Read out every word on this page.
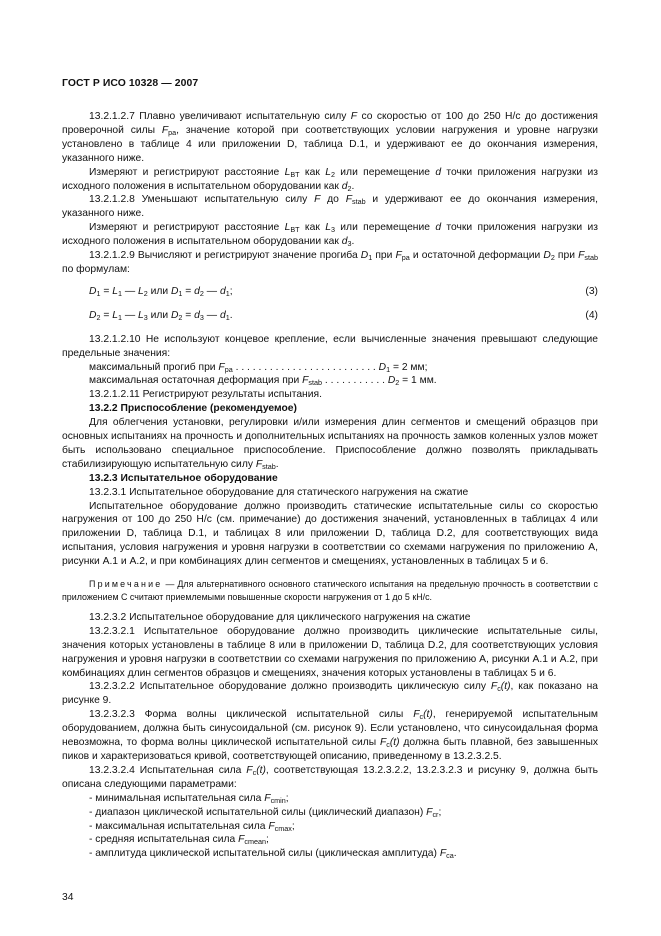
ГОСТ Р ИСО 10328 — 2007

13.2.1.2.7 Плавно увеличивают испытательную силу F со скоростью от 100 до 250 Н/с до достижения проверочной силы $F_{pa}$, значение которой при соответствующих условии нагружения и уровне нагрузки установлено в таблице 4 или приложении D, таблица D.1, и удерживают ее до окончания измерения, указанного ниже.

Измеряют и регистрируют расстояние $L_{BT}$ как $L_2$ или перемещение d точки приложения нагрузки из исходного положения в испытательном оборудовании как $d_2$.

13.2.1.2.8 Уменьшают испытательную силу F до $F_{stab}$ и удерживают ее до окончания измерения, указанного ниже.

Измеряют и регистрируют расстояние $L_{BT}$ как $L_3$ или перемещение d точки приложения нагрузки из исходного положения в испытательном оборудовании как $d_3$.

13.2.1.2.9 Вычисляют и регистрируют значение прогиба $D_1$ при $F_{pa}$ и остаточной деформации $D_2$ при $F_{stab}$ по формулам:

$D_1 = L_1$ — $L_2$ или $D_1 = d_2$ — $d_1$;	(3)
$D_2 = L_1$ — $L_3$ или $D_2 = d_3$ — $d_1$.	(4)

13.2.1.2.10 Не используют концевое крепление, если вычисленные значения превышают следующие предельные значения:

максимальный прогиб при $F_{pa}$ . . . . . . . . . . . . . . . . . . . . . . . . . $D_1 = 2$ мм;

максимальная остаточная деформация при $F_{stab}$ . . . . . . . . . . . $D_2 = 1$ мм.

13.2.1.2.11 Регистрируют результаты испытания.

13.2.2 Приспособление (рекомендуемое)

Для облегчения установки, регулировки и/или измерения длин сегментов и смещений образцов при основных испытаниях на прочность и дополнительных испытаниях на прочность замков коленных узлов может быть использовано специальное приспособление. Приспособление должно позволять прикладывать стабилизирующую испытательную силу $F_{stab}$.

13.2.3 Испытательное оборудование

13.2.3.1 Испытательное оборудование для статического нагружения на сжатие

Испытательное оборудование должно производить статические испытательные силы со скоростью нагружения от 100 до 250 Н/с (см. примечание) до достижения значений, установленных в таблицах 4 или приложении D, таблица D.1, и таблицах 8 или приложении D, таблица D.2, для соответствующих вида испытания, условия нагружения и уровня нагрузки в соответствии со схемами нагружения по приложению A, рисунки A.1 и A.2, и при комбинациях длин сегментов и смещениях, установленных в таблицах 5 и 6.

Примечание — Для альтернативного основного статического испытания на предельную прочность в соответствии с приложением С считают приемлемыми повышенные скорости нагружения от 1 до 5 кН/с.

13.2.3.2 Испытательное оборудование для циклического нагружения на сжатие

13.2.3.2.1 Испытательное оборудование должно производить циклические испытательные силы, значения которых установлены в таблице 8 или в приложении D, таблица D.2, для соответствующих условия нагружения и уровня нагрузки в соответствии со схемами нагружения по приложению A, рисунки A.1 и A.2, при комбинациях длин сегментов образцов и смещениях, значения которых установлены в таблицах 5 и 6.

13.2.3.2.2 Испытательное оборудование должно производить циклическую силу $F_c(t)$, как показано на рисунке 9.

13.2.3.2.3 Форма волны циклической испытательной силы $F_c(t)$, генерируемой испытательным оборудованием, должна быть синусоидальной (см. рисунок 9). Если установлено, что синусоидальная форма невозможна, то форма волны циклической испытательной силы $F_c(t)$ должна быть плавной, без завышенных пиков и характеризоваться кривой, соответствующей описанию, приведенному в 13.2.3.2.5.

13.2.3.2.4 Испытательная сила $F_c(t)$, соответствующая 13.2.3.2.2, 13.2.3.2.3 и рисунку 9, должна быть описана следующими параметрами:

- минимальная испытательная сила $F_{cmin}$;

- диапазон циклической испытательной силы (циклический диапазон) $F_{cr}$;

- максимальная испытательная сила $F_{cmax}$;

- средняя испытательная сила $F_{cmean}$;

- амплитуда циклической испытательной силы (циклическая амплитуда) $F_{ca}$.

34
